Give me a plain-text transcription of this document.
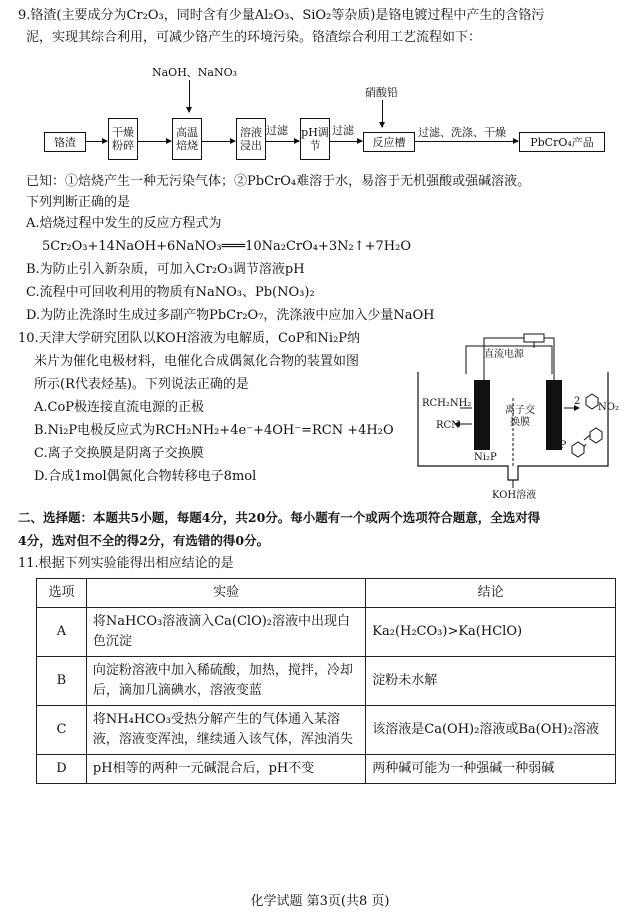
9.铬渣(主要成分为Cr₂O₃，同时含有少量Al₂O₃、SiO₂等杂质)是铬电镀过程中产生的含铬污
泥，实现其综合利用，可减少铬产生的环境污染。铬渣综合利用工艺流程如下：
NaOH、NaNO₃
硝酸铅
铬渣
干燥粉碎
高温焙烧
溶液浸出
过滤 pH调节
过滤
反应槽
过滤、洗涤、干燥
PbCrO₄产品
已知：①焙烧产生一种无污染气体；②PbCrO₄难溶于水，易溶于无机强酸或强碱溶液。
下列判断正确的是
A.焙烧过程中发生的反应方程式为
5Cr₂O₃+14NaOH+6NaNO₃═══10Na₂CrO₄+3N₂↑+7H₂O
B.为防止引入新杂质，可加入Cr₂O₃调节溶液pH
C.流程中可回收利用的物质有NaNO₃、Pb(NO₃)₂
D.为防止洗涤时生成过多副产物PbCr₂O₇，洗涤液中应加入少量NaOH
10.天津大学研究团队以KOH溶液为电解质，CoP和Ni₂P纳
米片为催化电极材料，电催化合成偶氮化合物的装置如图
所示(R代表烃基)。下列说法正确的是
A.CoP极连接直流电源的正极
B.Ni₂P电极反应式为RCH₂NH₂+4e⁻+4OH⁻=RCN +4H₂O
C.离子交换膜是阴离子交换膜
D.合成1mol偶氮化合物转移电子8mol
直流电源
离子交换膜
RCH₂NH₂
RCN
Ni₂P
CoP
2
NO₂
KOH溶液
二、选择题：本题共5小题，每题4分，共20分。每小题有一个或两个选项符合题意，全选对得
4分，选对但不全的得2分，有选错的得0分。
11.根据下列实验能得出相应结论的是
选项	实验	结论
A	将NaHCO₃溶液滴入Ca(ClO)₂溶液中出现白色沉淀	Ka₂(H₂CO₃)>Ka(HClO)
B	向淀粉溶液中加入稀硫酸，加热，搅拌，冷却后，滴加几滴碘水，溶液变蓝	淀粉未水解
C	将NH₄HCO₃受热分解产生的气体通入某溶液，溶液变浑浊，继续通入该气体，浑浊消失	该溶液是Ca(OH)₂溶液或Ba(OH)₂溶液
D	pH相等的两种一元碱混合后，pH不变	两种碱可能为一种强碱一种弱碱
化学试题 第3页(共8 页)
